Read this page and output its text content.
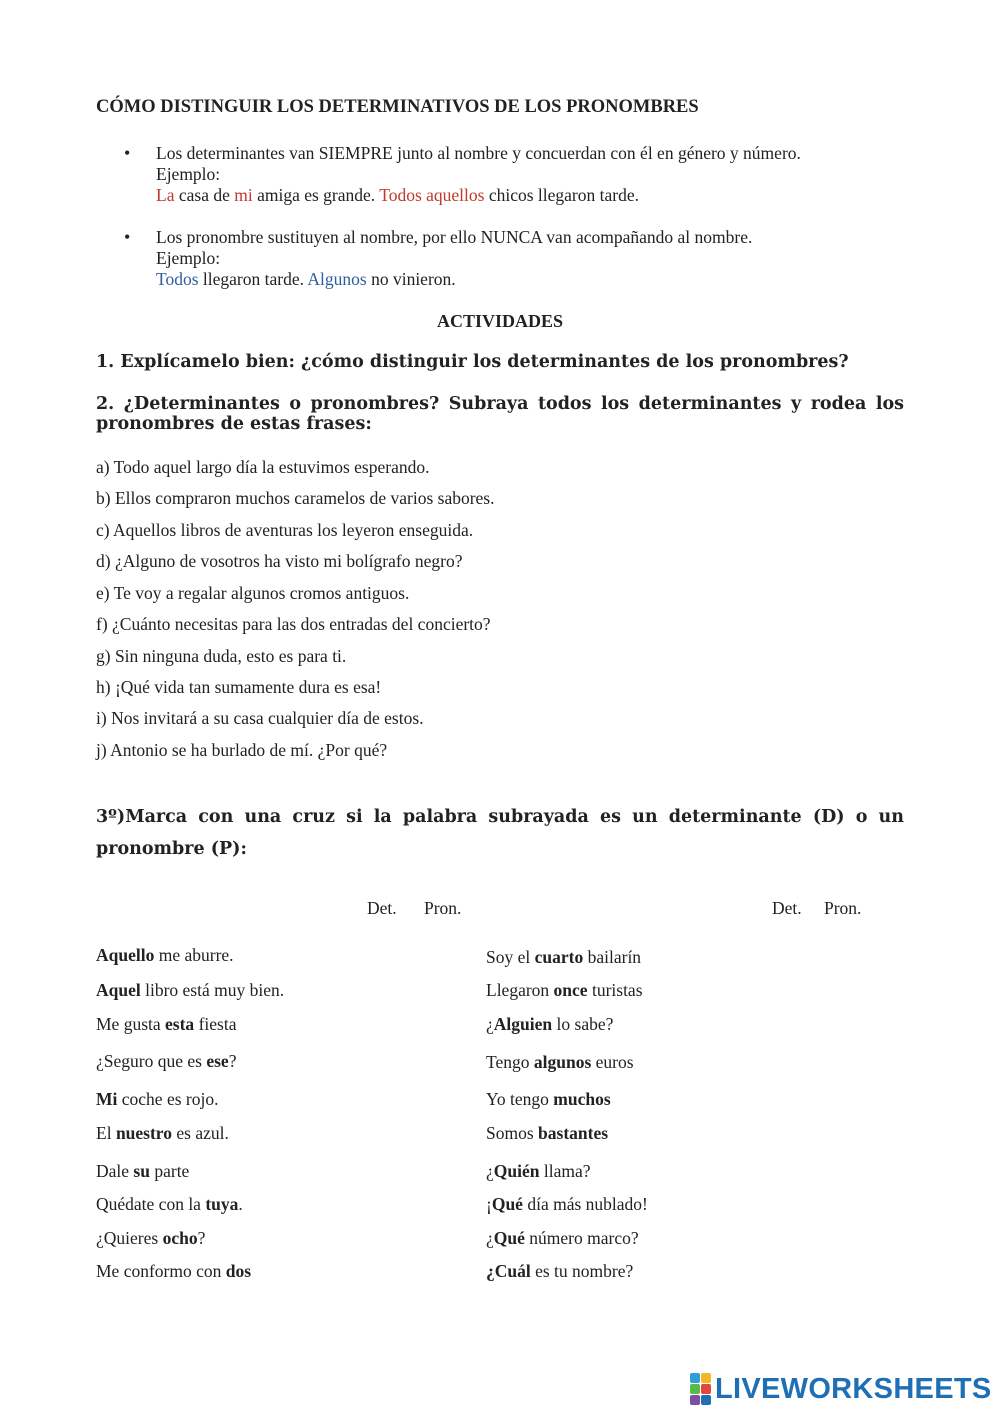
CÓMO DISTINGUIR LOS DETERMINATIVOS DE LOS PRONOMBRES
• Los determinantes van SIEMPRE junto al nombre y concuerdan con él en género y número.
Ejemplo:
La casa de mi amiga es grande. Todos aquellos chicos llegaron tarde.
• Los pronombre sustituyen al nombre, por ello NUNCA van acompañando al nombre.
Ejemplo:
Todos llegaron tarde. Algunos no vinieron.
ACTIVIDADES
1. Explícamelo bien: ¿cómo distinguir los determinantes de los pronombres?
2. ¿Determinantes o pronombres? Subraya todos los determinantes y rodea los pronombres de estas frases:
a) Todo aquel largo día la estuvimos esperando.
b) Ellos compraron muchos caramelos de varios sabores.
c) Aquellos libros de aventuras los leyeron enseguida.
d) ¿Alguno de vosotros ha visto mi bolígrafo negro?
e) Te voy a regalar algunos cromos antiguos.
f) ¿Cuánto necesitas para las dos entradas del concierto?
g) Sin ninguna duda, esto es para ti.
h) ¡Qué vida tan sumamente dura es esa!
i) Nos invitará a su casa cualquier día de estos.
j) Antonio se ha burlado de mí. ¿Por qué?
3º)Marca con una cruz si la palabra subrayada es un determinante (D) o un pronombre (P):
Det. Pron.	Det. Pron.
Aquello me aburre.
Aquel libro está muy bien.
Me gusta esta fiesta
¿Seguro que es ese?
Mi coche es rojo.
El nuestro es azul.
Dale su parte
Quédate con la tuya.
¿Quieres ocho?
Me conformo con dos
Soy el cuarto bailarín
Llegaron once turistas
¿Alguien lo sabe?
Tengo algunos euros
Yo tengo muchos
Somos bastantes
¿Quién llama?
¡Qué día más nublado!
¿Qué número marco?
¿Cuál es tu nombre?
LIVEWORKSHEETS
